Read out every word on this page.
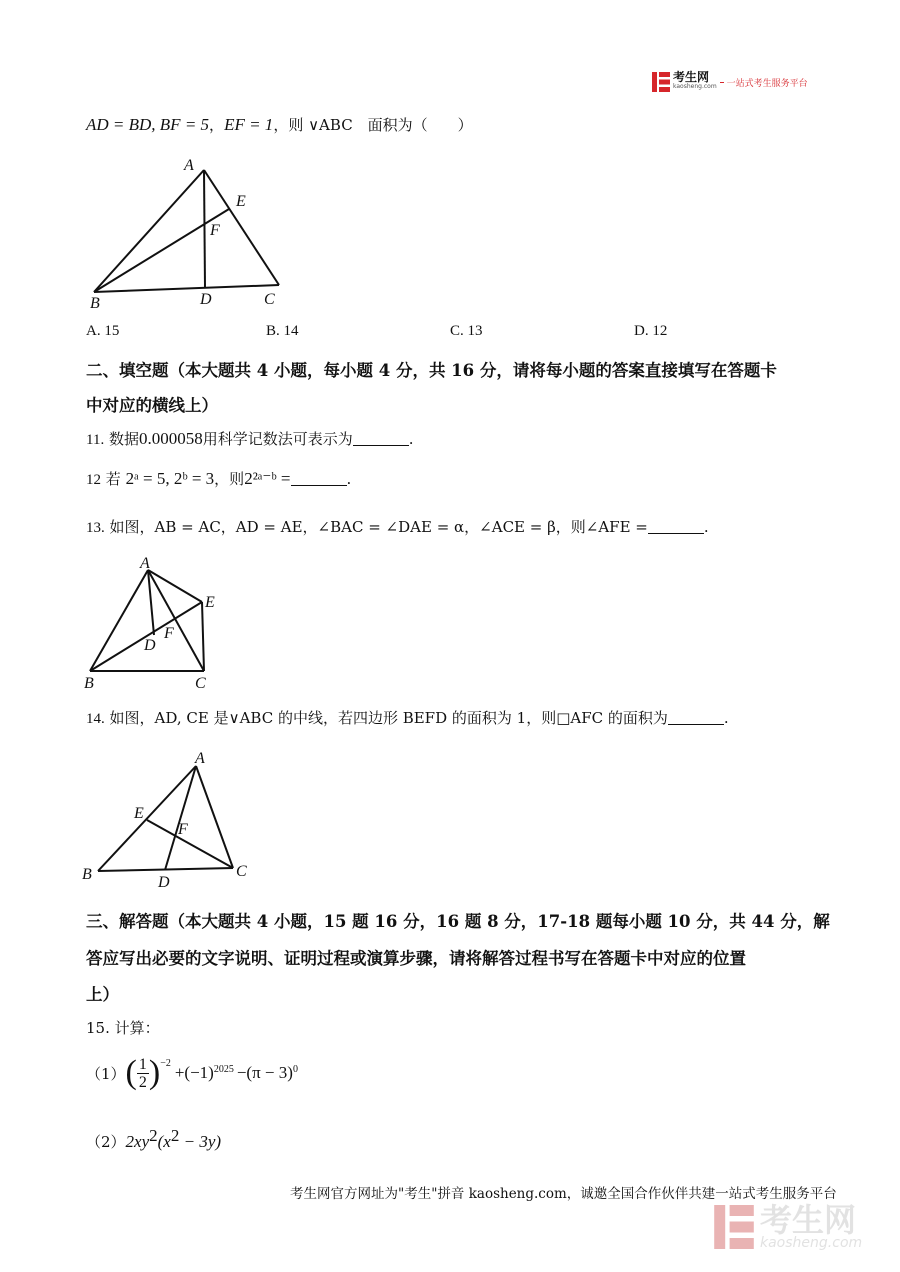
考生网
kaosheng.com 一站式考生服务平台
AD = BD, BF = 5，EF = 1，则 ∨ABC　面积为（　　）
A
E
F
B	D	C
A. 15	B. 14	C. 13	D. 12
二、填空题（本大题共 4 小题，每小题 4 分，共 16 分，请将每小题的答案直接填写在答题卡
中对应的横线上）
11. 数据0.000058用科学记数法可表示为	.
12 若 2ᵃ = 5, 2ᵇ = 3，则2²ᵃ⁻ᵇ =	.
13. 如图，AB = AC，AD = AE，∠BAC = ∠DAE = α，∠ACE = β，则∠AFE =	.
A
E
F
D
B	C
14. 如图，AD, CE 是∨ABC 的中线，若四边形 BEFD 的面积为 1，则□AFC 的面积为	.
A
E
F
B	D
C
三、解答题（本大题共 4 小题，15 题 16 分，16 题 8 分，17-18 题每小题 10 分，共 44 分，解
答应写出必要的文字说明、证明过程或演算步骤，请将解答过程书写在答题卡中对应的位置
上）
15. 计算：
（1） ( $\frac{1}{2} )^{-2} +(-1)^{2025} -(\pi - 3)^0$
$(2)2xy^2(x^2 - 3y)$
考生网官方网址为"考生"拼音 kaosheng.com，诚邀全国合作伙伴共建一站式考生服务平台
考生网
kaosheng.com
